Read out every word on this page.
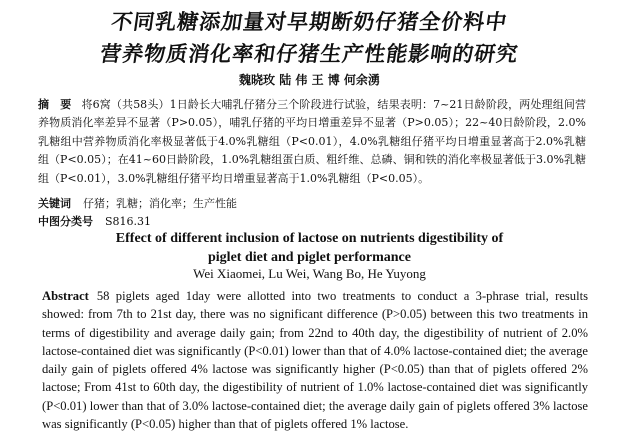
不同乳糖添加量对早期断奶仔猪全价料中
营养物质消化率和仔猪生产性能影响的研究
魏晓玫 陆 伟 王 博 何余湧
摘　要 将6窝（共58头）1日龄长大哺乳仔猪分三个阶段进行试验，结果表明：7~21日龄阶段，两处理组间营养物质消化率差异不显著（P>0.05），哺乳仔猪的平均日增重差异不显著（P>0.05）；22~40日龄阶段，2.0%乳糖组中营养物质消化率极显著低于4.0%乳糖组（P<0.01），4.0%乳糖组仔猪平均日增重显著高于2.0%乳糖组（P<0.05）；在41~60日龄阶段，1.0%乳糖组蛋白质、粗纤维、总磷、铜和铁的消化率极显著低于3.0%乳糖组（P<0.01），3.0%乳糖组仔猪平均日增重显著高于1.0%乳糖组（P<0.05）。
关键词 仔猪；乳糖；消化率；生产性能
中图分类号 S816.31
Effect of different inclusion of lactose on nutrients digestibility of
piglet diet and piglet performance
Wei Xiaomei, Lu Wei, Wang Bo, He Yuyong
Abstract 58 piglets aged 1day were allotted into two treatments to conduct a 3-phrase trial, results showed: from 7th to 21st day, there was no significant difference (P>0.05) between this two treatments in terms of digestibility and average daily gain; from 22nd to 40th day, the digestibility of nutrient of 2.0% lactose-contained diet was significantly (P<0.01) lower than that of 4.0% lactose-contained diet; the average daily gain of piglets offered 4% lactose was significantly higher (P<0.05) than that of piglets offered 2% lactose; From 41st to 60th day, the digestibility of nutrient of 1.0% lactose-contained diet was significantly (P<0.01) lower than that of 3.0% lactose-contained diet; the average daily gain of piglets offered 3% lactose was significantly (P<0.05) higher than that of piglets offered 1% lactose.
